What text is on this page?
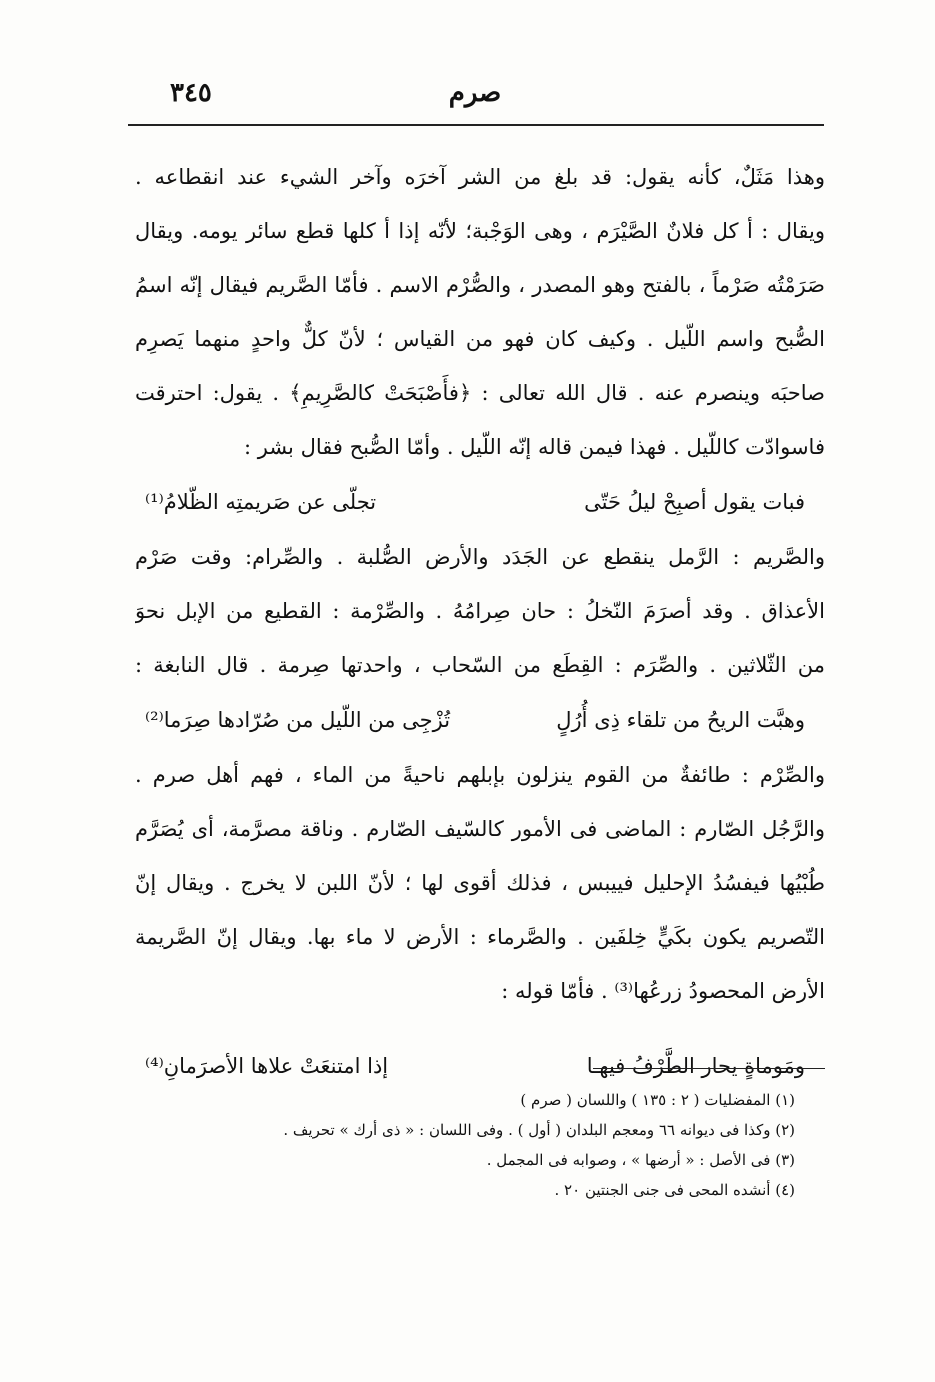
صرم
٣٤٥
وهذا مَثَلٌ، كأنه يقول: قد بلغ من الشر آخرَه وآخر الشيء عند انقطاعه .
ويقال : أ كل فلانٌ الصَّيْرَم ، وهى الوَجْبة؛ لأنّه إذا أ كلها قطع سائر يومه. ويقال
صَرَمْتُه صَرْماً ، بالفتح وهو المصدر ، والصُّرْم الاسم . فأمّا الصَّريم فيقال إنّه اسمُ
الصُّبح واسم اللّيل . وكيف كان فهو من القياس ؛ لأنّ كلٌّ واحدٍ منهما يَصرِم
صاحبَه وينصرم عنه . قال الله تعالى : ﴿فأَصْبَحَتْ كالصَّرِيمِ﴾ . يقول: احترقت
فاسوادّت كاللّيل . فهذا فيمن قاله إنّه اللّيل . وأمّا الصُّبح فقال بشر :
فبات يقول أصبِحْ ليلُ حَتّى
تجلّى عن صَريمتِه الظّلامُ⁽¹⁾
والصَّريم : الرَّمل ينقطع عن الجَدَد والأرض الصُّلبة . والصِّرام: وقت صَرْم
الأعذاق . وقد أصرَمَ النّخلُ : حان صِرامُهُ . والصِّرْمة : القطيع من الإبل نحوَ
من الثّلاثين . والصِّرَم : القِطَع من السّحاب ، واحدتها صِرمة . قال النابغة :
وهبَّت الريحُ من تلقاء ذِى أُرُلٍ
تُزْجِى من اللّيل من صُرّادها صِرَما⁽²⁾
والصِّرْم : طائفةٌ من القوم ينزلون بإبلهم ناحيةً من الماء ، فهم أهل صرم .
والرَّجُل الصّارم : الماضى فى الأمور كالسّيف الصّارم . وناقة مصرَّمة، أى يُصَرَّم
طُبْيُها فيفسُدُ الإحليل فييبس ، فذلك أقوى لها ؛ لأنّ اللبن لا يخرج . ويقال إنّ
التّصريم يكون بكَيٍّ خِلفَين . والصَّرماء : الأرض لا ماء بها. ويقال إنّ الصَّريمة
الأرض المحصودُ زرعُها⁽³⁾ . فأمّا قوله :
ومَوماةٍ يحار الطَّرْفُ فيهـا
إذا امتنعَتْ علاها الأصرَمانِ⁽⁴⁾
(١) المفضليات ( ٢ : ١٣٥ ) واللسان ( صرم )
(٢) وكذا فى ديوانه ٦٦ ومعجم البلدان ( أول ) . وفى اللسان : « ذى أرك » تحريف .
(٣) فى الأصل : « أرضها » ، وصوابه فى المجمل .
(٤) أنشده المحى فى جنى الجنتين ٢٠ .
